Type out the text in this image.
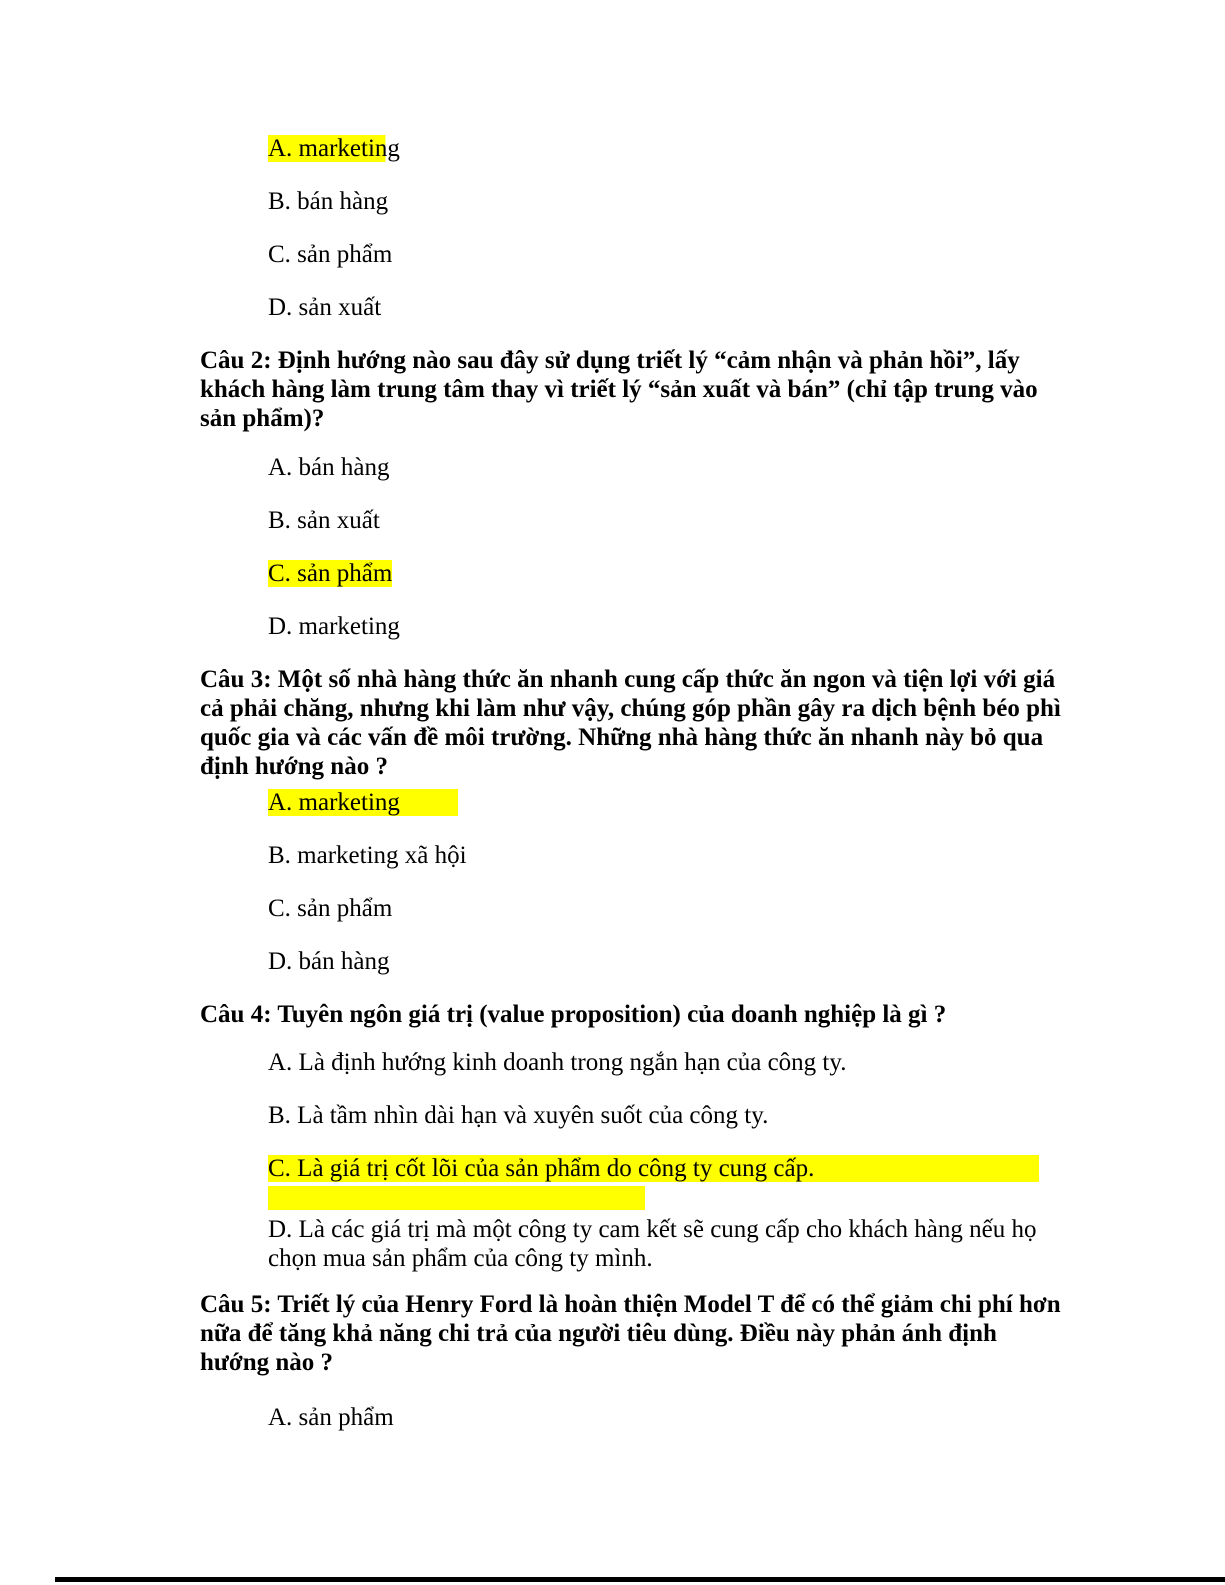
A. marketing
B. bán hàng
C. sản phẩm
D. sản xuất
Câu 2: Định hướng nào sau đây sử dụng triết lý “cảm nhận và phản hồi”, lấy
khách hàng làm trung tâm thay vì triết lý “sản xuất và bán” (chỉ tập trung vào
sản phẩm)?
A. bán hàng
B. sản xuất
C. sản phẩm
D. marketing
Câu 3: Một số nhà hàng thức ăn nhanh cung cấp thức ăn ngon và tiện lợi với giá
cả phải chăng, nhưng khi làm như vậy, chúng góp phần gây ra dịch bệnh béo phì
quốc gia và các vấn đề môi trường. Những nhà hàng thức ăn nhanh này bỏ qua
định hướng nào ?
A. marketing
B. marketing xã hội
C. sản phẩm
D. bán hàng
Câu 4: Tuyên ngôn giá trị (value proposition) của doanh nghiệp là gì ?
A. Là định hướng kinh doanh trong ngắn hạn của công ty.
B. Là tầm nhìn dài hạn và xuyên suốt của công ty.
C. Là giá trị cốt lõi của sản phẩm do công ty cung cấp.
D. Là các giá trị mà một công ty cam kết sẽ cung cấp cho khách hàng nếu họ
chọn mua sản phẩm của công ty mình.
Câu 5: Triết lý của Henry Ford là hoàn thiện Model T để có thể giảm chi phí hơn
nữa để tăng khả năng chi trả của người tiêu dùng. Điều này phản ánh định
hướng nào ?
A. sản phẩm
